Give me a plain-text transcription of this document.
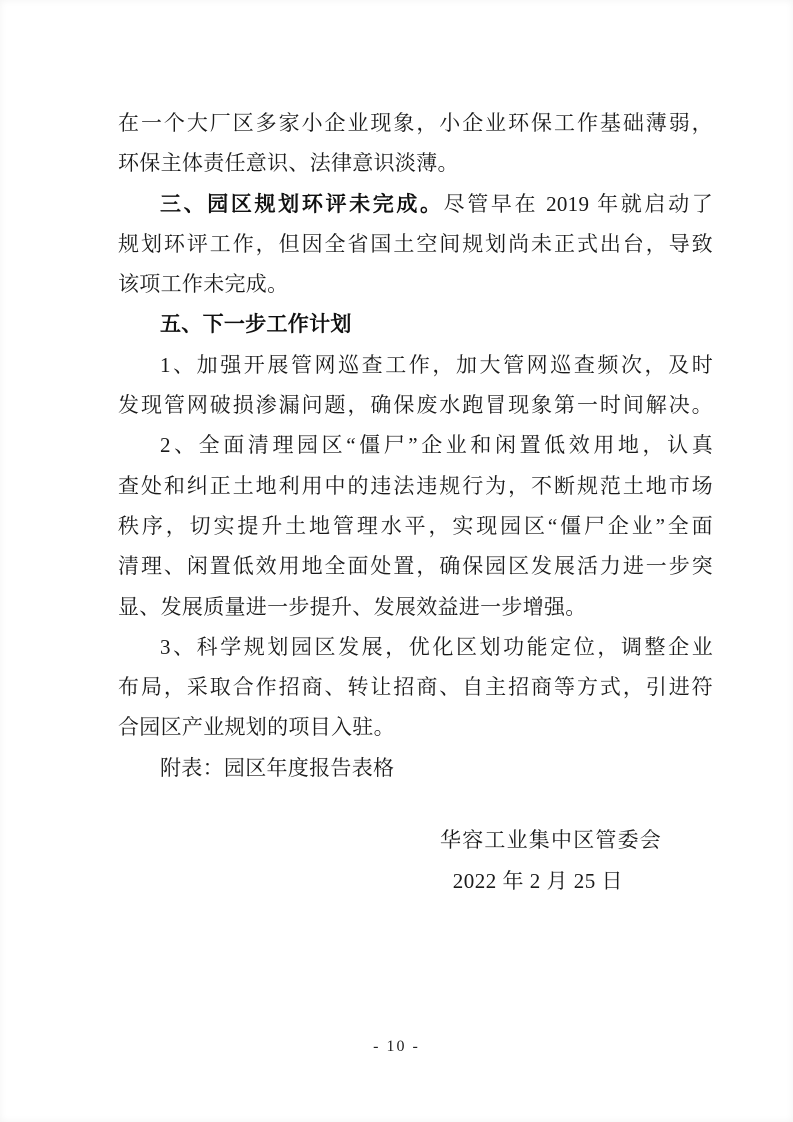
在一个大厂区多家小企业现象，小企业环保工作基础薄弱，
环保主体责任意识、法律意识淡薄。
三、园区规划环评未完成。尽管早在 2019 年就启动了
规划环评工作，但因全省国土空间规划尚未正式出台，导致
该项工作未完成。
五、下一步工作计划
1、加强开展管网巡查工作，加大管网巡查频次，及时
发现管网破损渗漏问题，确保废水跑冒现象第一时间解决。
2、全面清理园区“僵尸”企业和闲置低效用地，认真
查处和纠正土地利用中的违法违规行为，不断规范土地市场
秩序，切实提升土地管理水平，实现园区“僵尸企业”全面
清理、闲置低效用地全面处置，确保园区发展活力进一步突
显、发展质量进一步提升、发展效益进一步增强。
3、科学规划园区发展，优化区划功能定位，调整企业
布局，采取合作招商、转让招商、自主招商等方式，引进符
合园区产业规划的项目入驻。
附表：园区年度报告表格
华容工业集中区管委会
2022 年 2 月 25 日
- 10 -
